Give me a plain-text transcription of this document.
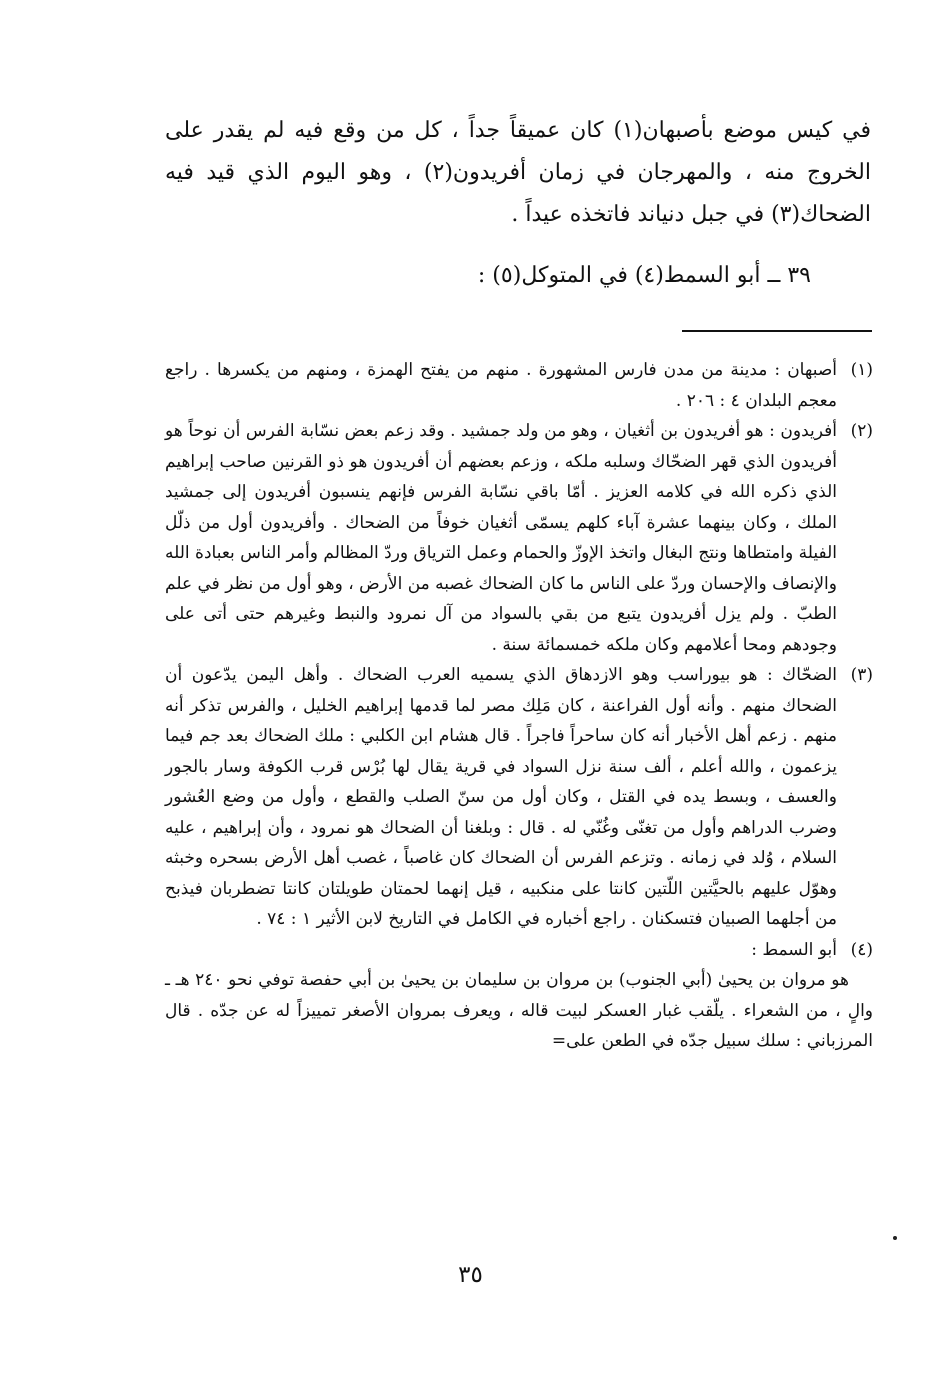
في كيس موضع بأصبهان(١) كان عميقاً جداً ، كل من وقع فيه لم يقدر على الخروج منه ، والمهرجان في زمان أفريدون(٢) ، وهو اليوم الذي قيد فيه الضحاك(٣) في جبل دنياند فاتخذه عيداً .

٣٩ ــ أبو السمط(٤) في المتوكل(٥) :
(١)
أصبهان : مدينة من مدن فارس المشهورة . منهم من يفتح الهمزة ، ومنهم من يكسرها . راجع معجم البلدان ٤ : ٢٠٦ .
(٢)
أفريدون : هو أفريدون بن أثغيان ، وهو من ولد جمشيد . وقد زعم بعض نسّابة الفرس أن نوحاً هو أفريدون الذي قهر الضحّاك وسلبه ملكه ، وزعم بعضهم أن أفريدون هو ذو القرنين صاحب إبراهيم الذي ذكره الله في كلامه العزيز . أمّا باقي نسّابة الفرس فإنهم ينسبون أفريدون إلى جمشيد الملك ، وكان بينهما عشرة آباء كلهم يسمّى أثغيان خوفاً من الضحاك . وأفريدون أول من ذلّل الفيلة وامتطاها ونتج البغال واتخذ الإوزّ والحمام وعمل الترياق وردّ المظالم وأمر الناس بعبادة الله والإنصاف والإحسان وردّ على الناس ما كان الضحاك غصبه من الأرض ، وهو أول من نظر في علم الطبّ . ولم يزل أفريدون يتبع من بقي بالسواد من آل نمرود والنبط وغيرهم حتى أتى على وجودهم ومحا أعلامهم وكان ملكه خمسمائة سنة .
(٣)
الضحّاك : هو بيوراسب وهو الازدهاق الذي يسميه العرب الضحاك . وأهل اليمن يدّعون أن الضحاك منهم . وأنه أول الفراعنة ، كان مَلِك مصر لما قدمها إبراهيم الخليل ، والفرس تذكر أنه منهم . زعم أهل الأخبار أنه كان ساحراً فاجراً . قال هشام ابن الكلبي : ملك الضحاك بعد جم فيما يزعمون ، والله أعلم ، ألف سنة نزل السواد في قرية يقال لها بُرْس قرب الكوفة وسار بالجور والعسف ، وبسط يده في القتل ، وكان أول من سنّ الصلب والقطع ، وأول من وضع العُشور وضرب الدراهم وأول من تغنّى وغُنّي له . قال : وبلغنا أن الضحاك هو نمرود ، وأن إبراهيم ، عليه السلام ، وُلد في زمانه . وتزعم الفرس أن الضحاك كان غاصباً ، غصب أهل الأرض بسحره وخبثه وهوّل عليهم بالحيَّتين اللّتين كانتا على منكبيه ، قيل إنهما لحمتان طويلتان كانتا تضطربان فيذبح من أجلهما الصبيان فتسكنان . راجع أخباره في الكامل في التاريخ لابن الأثير ١ : ٧٤ .
(٤)
أبو السمط :

هو مروان بن يحيىٰ (أبي الجنوب) بن مروان بن سليمان بن يحيىٰ بن أبي حفصة توفي نحو ٢٤٠ هـ ـ والٍ ، من الشعراء . يلّقب غبار العسكر لبيت قاله ، ويعرف بمروان الأصغر تمييزاً له عن جدّه . قال المرزباني : سلك سبيل جدّه في الطعن على=

٣٥
